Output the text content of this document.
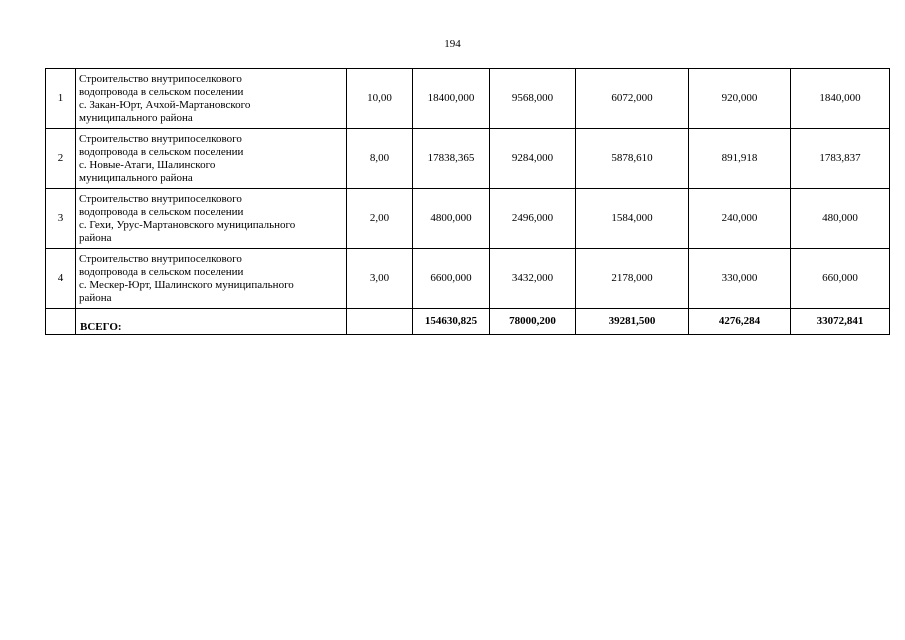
194
1	Строительство внутрипоселкового
водопровода в сельском поселении
с. Закан-Юрт, Ачхой-Мартановского
муниципального района	10,00	18400,000	9568,000	6072,000	920,000	1840,000
2	Строительство внутрипоселкового
водопровода в сельском поселении
с. Новые-Атаги, Шалинского
муниципального района	8,00	17838,365	9284,000	5878,610	891,918	1783,837
3	Строительство внутрипоселкового
водопровода в сельском поселении
с. Гехи, Урус-Мартановского муниципального
района	2,00	4800,000	2496,000	1584,000	240,000	480,000
4	Строительство внутрипоселкового
водопровода в сельском поселении
с. Мескер-Юрт, Шалинского муниципального
района	3,00	6600,000	3432,000	2178,000	330,000	660,000
	ВСЕГО:		154630,825	78000,200	39281,500	4276,284	33072,841
